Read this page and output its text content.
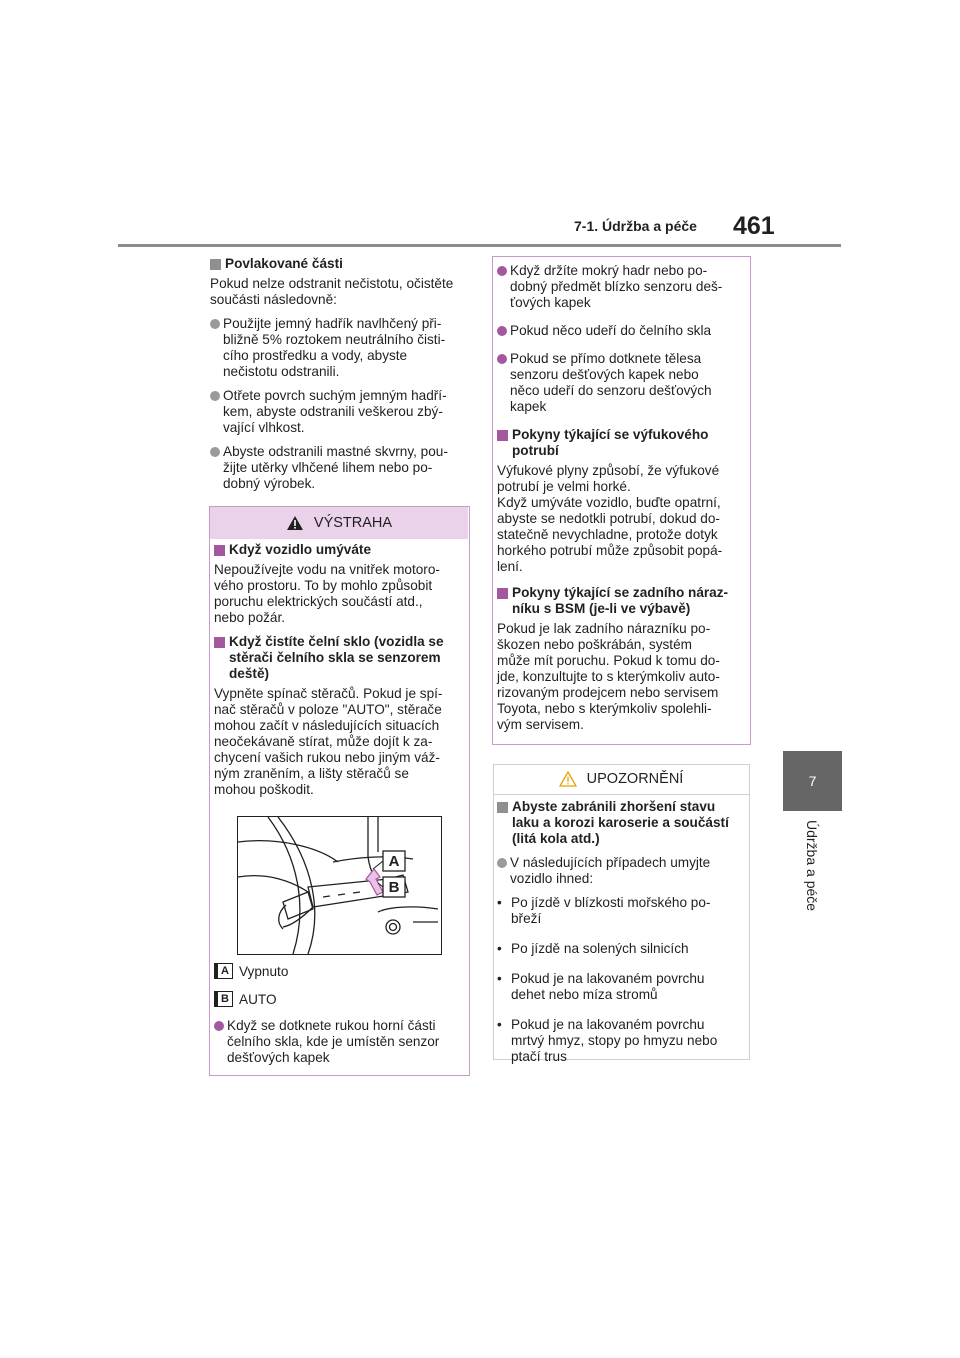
7-1. Údržba a péče 461
7
Údržba a péče

Povlakované části

Pokud nelze odstranit nečistotu, očistěte
součásti následovně:

Použijte jemný hadřík navlhčený při-
bližně 5% roztokem neutrálního čisti-
cího prostředku a vody, abyste
nečistotu odstranili.
Otřete povrch suchým jemným hadří-
kem, abyste odstranili veškerou zbý-
vající vlhkost.
Abyste odstranili mastné skvrny, pou-
žijte utěrky vlhčené lihem nebo po-
dobný výrobek.
VÝSTRAHA

Když vozidlo umýváte

Nepoužívejte vodu na vnitřek motoro-
vého prostoru. To by mohlo způsobit
poruchu elektrických součástí atd.,
nebo požár.

Když čistíte čelní sklo (vozidla se
stěrači čelního skla se senzorem
deště)

Vypněte spínač stěračů. Pokud je spí-
nač stěračů v poloze "AUTO", stěrače
mohou začít v následujících situacích
neočekávaně stírat, může dojít k za-
chycení vašich rukou nebo jiným váž-
ným zraněním, a lišty stěračů se
mohou poškodit.

A
B
A Vypnuto
B AUTO
Když se dotknete rukou horní části
čelního skla, kde je umístěn senzor
dešťových kapek
Když držíte mokrý hadr nebo po-
dobný předmět blízko senzoru deš-
ťových kapek
Pokud něco udeří do čelního skla
Pokud se přímo dotknete tělesa
senzoru dešťových kapek nebo
něco udeří do senzoru dešťových
kapek
Pokyny týkající se výfukového
potrubí

Výfukové plyny způsobí, že výfukové
potrubí je velmi horké.
Když umýváte vozidlo, buďte opatrní,
abyste se nedotkli potrubí, dokud do-
statečně nevychladne, protože dotyk
horkého potrubí může způsobit popá-
lení.

Pokyny týkající se zadního náraz-
níku s BSM (je-li ve výbavě)

Pokud je lak zadního nárazníku po-
škozen nebo poškrábán, systém
může mít poruchu. Pokud k tomu do-
jde, konzultujte to s kterýmkoliv auto-
rizovaným prodejcem nebo servisem
Toyota, nebo s kterýmkoliv spolehli-
vým servisem.

UPOZORNĚNÍ
Abyste zabránili zhoršení stavu
laku a korozi karoserie a součástí
(litá kola atd.)
V následujících případech umyjte
vozidlo ihned:
• Po jízdě v blízkosti mořského po-
břeží
• Po jízdě na solených silnicích
• Pokud je na lakovaném povrchu
dehet nebo míza stromů
• Pokud je na lakovaném povrchu
mrtvý hmyz, stopy po hmyzu nebo
ptačí trus
